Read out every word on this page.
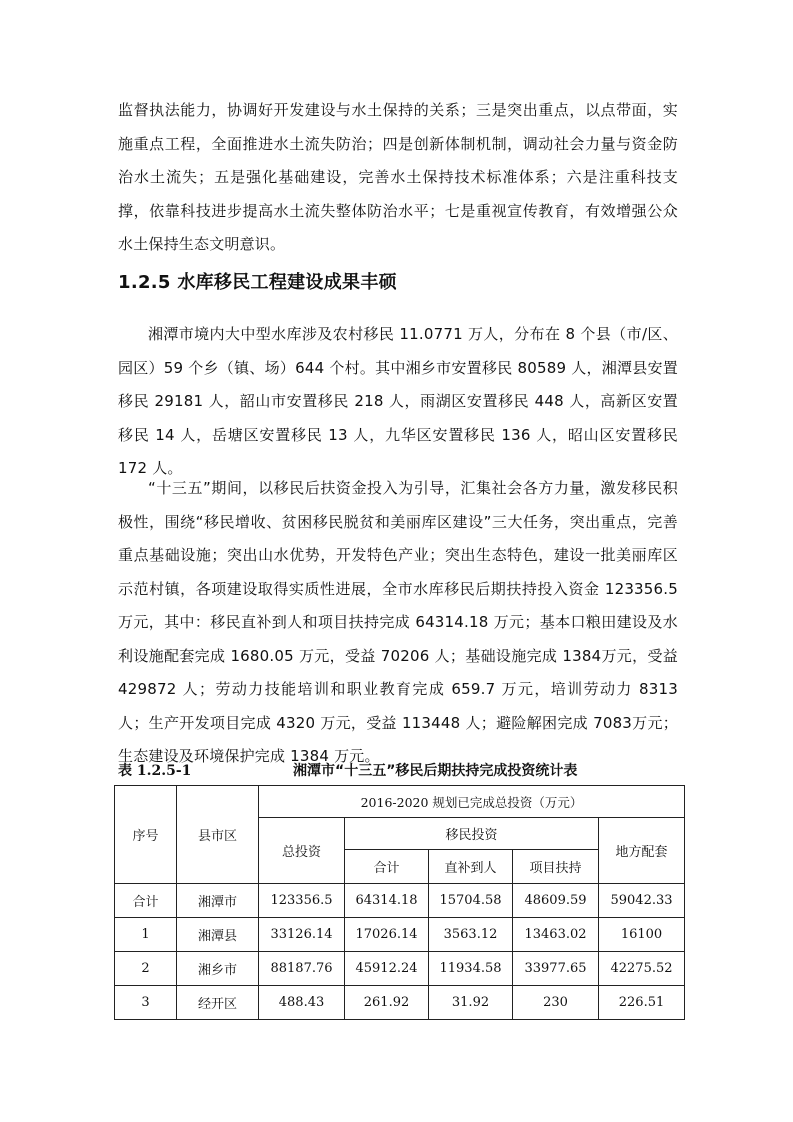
监督执法能力，协调好开发建设与水土保持的关系；三是突出重点，以点带面，实施重点工程，全面推进水土流失防治；四是创新体制机制，调动社会力量与资金防治水土流失；五是强化基础建设，完善水土保持技术标准体系；六是注重科技支撑，依靠科技进步提高水土流失整体防治水平；七是重视宣传教育，有效增强公众水土保持生态文明意识。
1.2.5 水库移民工程建设成果丰硕
湘潭市境内大中型水库涉及农村移民 11.0771 万人，分布在 8 个县（市/区、园区）59 个乡（镇、场）644 个村。其中湘乡市安置移民 80589 人，湘潭县安置移民 29181 人，韶山市安置移民 218 人，雨湖区安置移民 448 人，高新区安置移民 14 人，岳塘区安置移民 13 人，九华区安置移民 136 人，昭山区安置移民 172 人。
“十三五”期间，以移民后扶资金投入为引导，汇集社会各方力量，激发移民积极性，围绕“移民增收、贫困移民脱贫和美丽库区建设”三大任务，突出重点，完善重点基础设施；突出山水优势，开发特色产业；突出生态特色，建设一批美丽库区示范村镇，各项建设取得实质性进展，全市水库移民后期扶持投入资金 123356.5 万元，其中：移民直补到人和项目扶持完成 64314.18 万元；基本口粮田建设及水利设施配套完成 1680.05 万元，受益 70206 人；基础设施完成 1384万元，受益 429872 人；劳动力技能培训和职业教育完成 659.7 万元，培训劳动力 8313 人；生产开发项目完成 4320 万元，受益 113448 人；避险解困完成 7083万元；生态建设及环境保护完成 1384 万元。
表 1.2.5-1	湘潭市“十三五”移民后期扶持完成投资统计表
序号	县市区	2016-2020 规划已完成总投资（万元）				
		总投资	移民投资			地方配套
			合计	直补到人	项目扶持	
合计	湘潭市	123356.5	64314.18	15704.58	48609.59	59042.33
1	湘潭县	33126.14	17026.14	3563.12	13463.02	16100
2	湘乡市	88187.76	45912.24	11934.58	33977.65	42275.52
3	经开区	488.43	261.92	31.92	230	226.51
